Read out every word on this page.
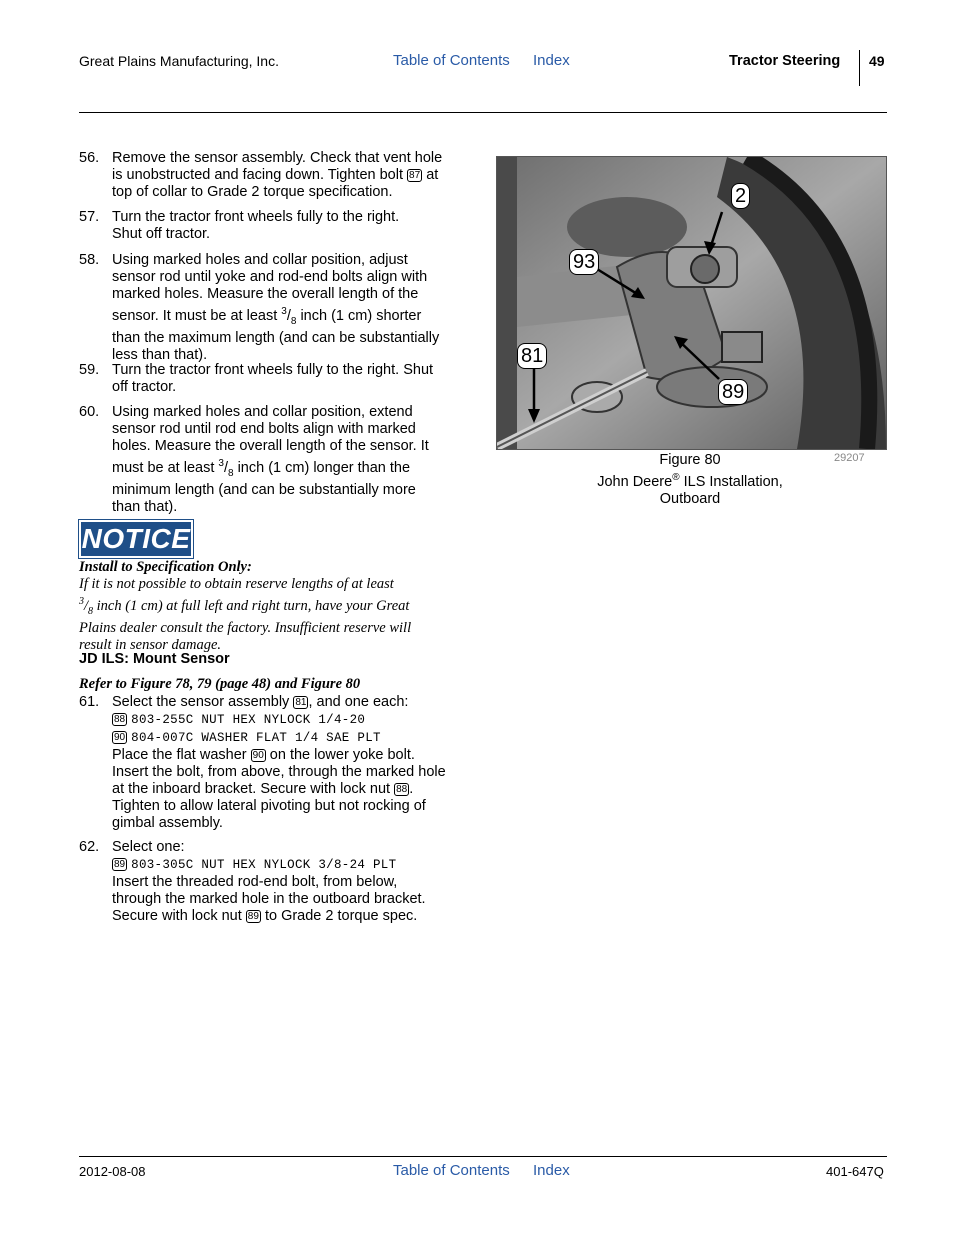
Great Plains Manufacturing, Inc.	Table of Contents Index	Tractor Steering 49
56. Remove the sensor assembly. Check that vent hole
is unobstructed and facing down. Tighten bolt 87 at
top of collar to Grade 2 torque specification.
57. Turn the tractor front wheels fully to the right.
Shut off tractor.
58. Using marked holes and collar position, adjust
sensor rod until yoke and rod-end bolts align with
marked holes. Measure the overall length of the
sensor. It must be at least $^3/_8$ inch (1 cm) shorter
than the maximum length (and can be substantially
less than that).
59. Turn the tractor front wheels fully to the right. Shut
off tractor.
60. Using marked holes and collar position, extend
sensor rod until rod end bolts align with marked
holes. Measure the overall length of the sensor. It
must be at least $^3/_8$ inch (1 cm) longer than the
minimum length (and can be substantially more
than that).
NOTICE
Install to Specification Only:
If it is not possible to obtain reserve lengths of at least
$^3/_8$ inch (1 cm) at full left and right turn, have your Great
Plains dealer consult the factory. Insufficient reserve will
result in sensor damage.
JD ILS: Mount Sensor
Refer to Figure 78, 79 (page 48) and Figure 80
61. Select the sensor assembly 81 , and one each:
88 803-255C NUT HEX NYLOCK 1/4-20
90 804-007C WASHER FLAT 1/4 SAE PLT
Place the flat washer 90 on the lower yoke bolt.
Insert the bolt, from above, through the marked hole
at the inboard bracket. Secure with lock nut 88 .
Tighten to allow lateral pivoting but not rocking of
gimbal assembly.
62. Select one:
89 803-305C NUT HEX NYLOCK 3/8-24 PLT
Insert the threaded rod-end bolt, from below,
through the marked hole in the outboard bracket.
Secure with lock nut 89 to Grade 2 torque spec.
2
93
81
89
29207
Figure 80
John Deere® ILS Installation,
Outboard
2012-08-08	Table of Contents Index	401-647Q
